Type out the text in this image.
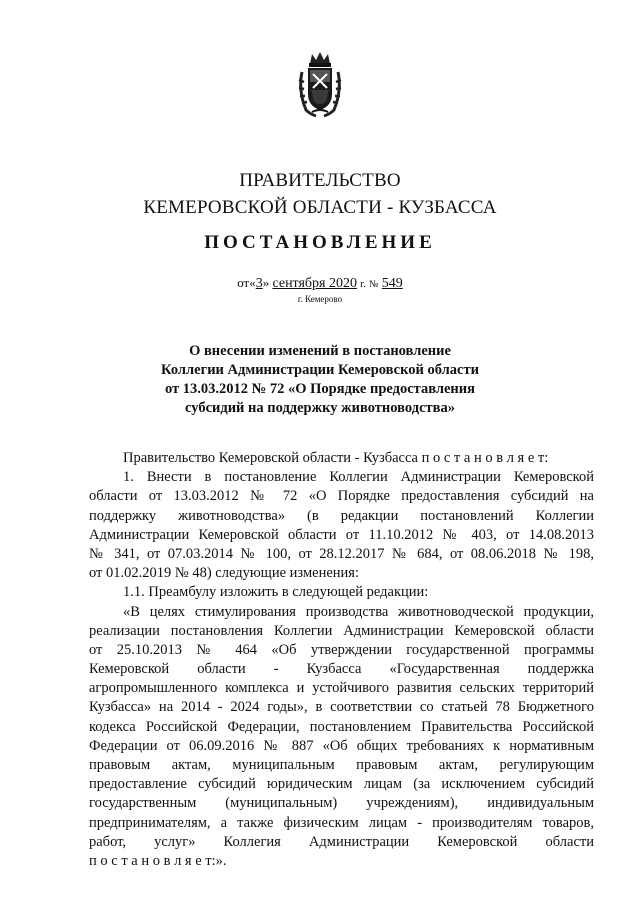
ПРАВИТЕЛЬСТВО
КЕМЕРОВСКОЙ ОБЛАСТИ - КУЗБАССА
ПОСТАНОВЛЕНИЕ
от«3» сентября 2020 г. № 549
г. Кемерово
О внесении изменений в постановление
Коллегии Администрации Кемеровской области
от 13.03.2012 № 72 «О Порядке предоставления
субсидий на поддержку животноводства»
Правительство Кемеровской области - Кузбасса п о с т а н о в л я е т:
1. Внести в постановление Коллегии Администрации Кемеровской
области от 13.03.2012 № 72 «О Порядке предоставления субсидий на
поддержку животноводства» (в редакции постановлений Коллегии
Администрации Кемеровской области от 11.10.2012 № 403, от 14.08.2013
№ 341, от 07.03.2014 № 100, от 28.12.2017 № 684, от 08.06.2018 № 198,
от 01.02.2019 № 48) следующие изменения:
1.1. Преамбулу изложить в следующей редакции:
«В целях стимулирования производства животноводческой продукции,
реализации постановления Коллегии Администрации Кемеровской области
от 25.10.2013 № 464 «Об утверждении государственной программы
Кемеровской области - Кузбасса «Государственная поддержка
агропромышленного комплекса и устойчивого развития сельских территорий
Кузбасса» на 2014 - 2024 годы», в соответствии со статьей 78 Бюджетного
кодекса Российской Федерации, постановлением Правительства Российской
Федерации от 06.09.2016 № 887 «Об общих требованиях к нормативным
правовым актам, муниципальным правовым актам, регулирующим
предоставление субсидий юридическим лицам (за исключением субсидий
государственным (муниципальным) учреждениям), индивидуальным
предпринимателям, а также физическим лицам - производителям товаров,
работ, услуг» Коллегия Администрации Кемеровской области
п о с т а н о в л я е т:».
